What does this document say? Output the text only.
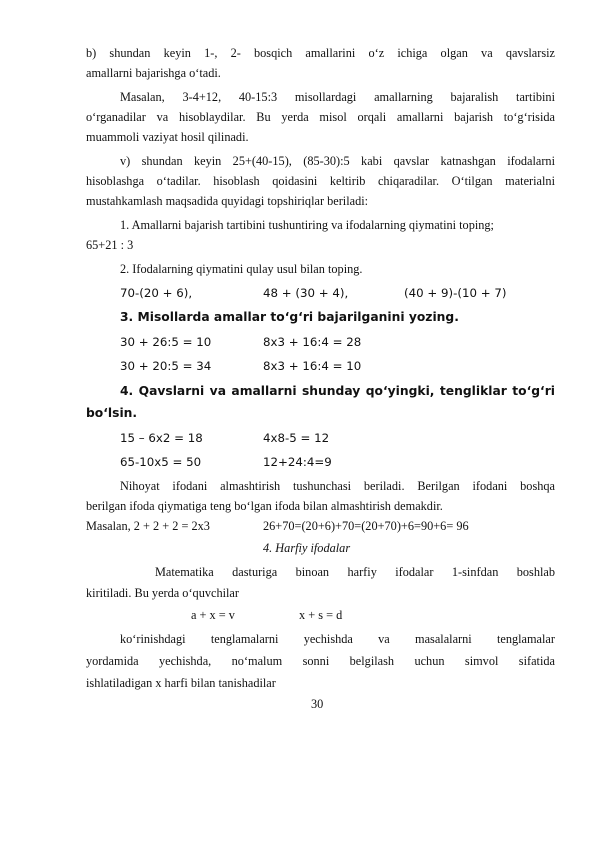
b) shundan keyin 1-, 2- bosqich amallarini o‘z ichiga olgan va qavslarsiz
amallarni bajarishga o‘tadi.
Masalan, 3-4+12, 40-15:3 misollardagi amallarning bajaralish tartibini
o‘rganadilar va hisoblaydilar. Bu yerda misol orqali amallarni bajarish to‘g‘risida
muammoli vaziyat hosil qilinadi.
v) shundan keyin 25+(40-15), (85-30):5 kabi qavslar katnashgan ifodalarni
hisoblashga o‘tadilar. hisoblash qoidasini keltirib chiqaradilar. O‘tilgan materialni
mustahkamlash maqsadida quyidagi topshiriqlar beriladi:
1. Amallarni bajarish tartibini tushuntiring va ifodalarning qiymatini toping;
65+21 : 3
2. Ifodalarning qiymatini qulay usul bilan toping.
70-(20 + 6),	48 + (30 + 4),	(40 + 9)-(10 + 7)
3. Misollarda amallar to‘g‘ri bajarilganini yozing.
30 + 26:5 = 10	8x3 + 16:4 = 28
30 + 20:5 = 34	8x3 + 16:4 = 10
4. Qavslarni va amallarni shunday qo‘yingki, tengliklar to‘g‘ri
bo‘lsin.
15 – 6x2 = 18	4x8-5 = 12
65-10x5 = 50	12+24:4=9
Nihoyat ifodani almashtirish tushunchasi beriladi. Berilgan ifodani boshqa
berilgan ifoda qiymatiga teng bo‘lgan ifoda bilan almashtirish demakdir.
Masalan, 2 + 2 + 2 = 2x3	26+70=(20+6)+70=(20+70)+6=90+6= 96
4. Harfiy ifodalar
Matematika dasturiga binoan harfiy ifodalar 1-sinfdan boshlab
kiritiladi. Bu yerda o‘quvchilar
a + x = v	x + s = d
ko‘rinishdagi tenglamalarni yechishda va masalalarni tenglamalar
yordamida yechishda, no‘malum sonni belgilash uchun simvol sifatida
ishlatiladigan x harfi bilan tanishadilar
30
